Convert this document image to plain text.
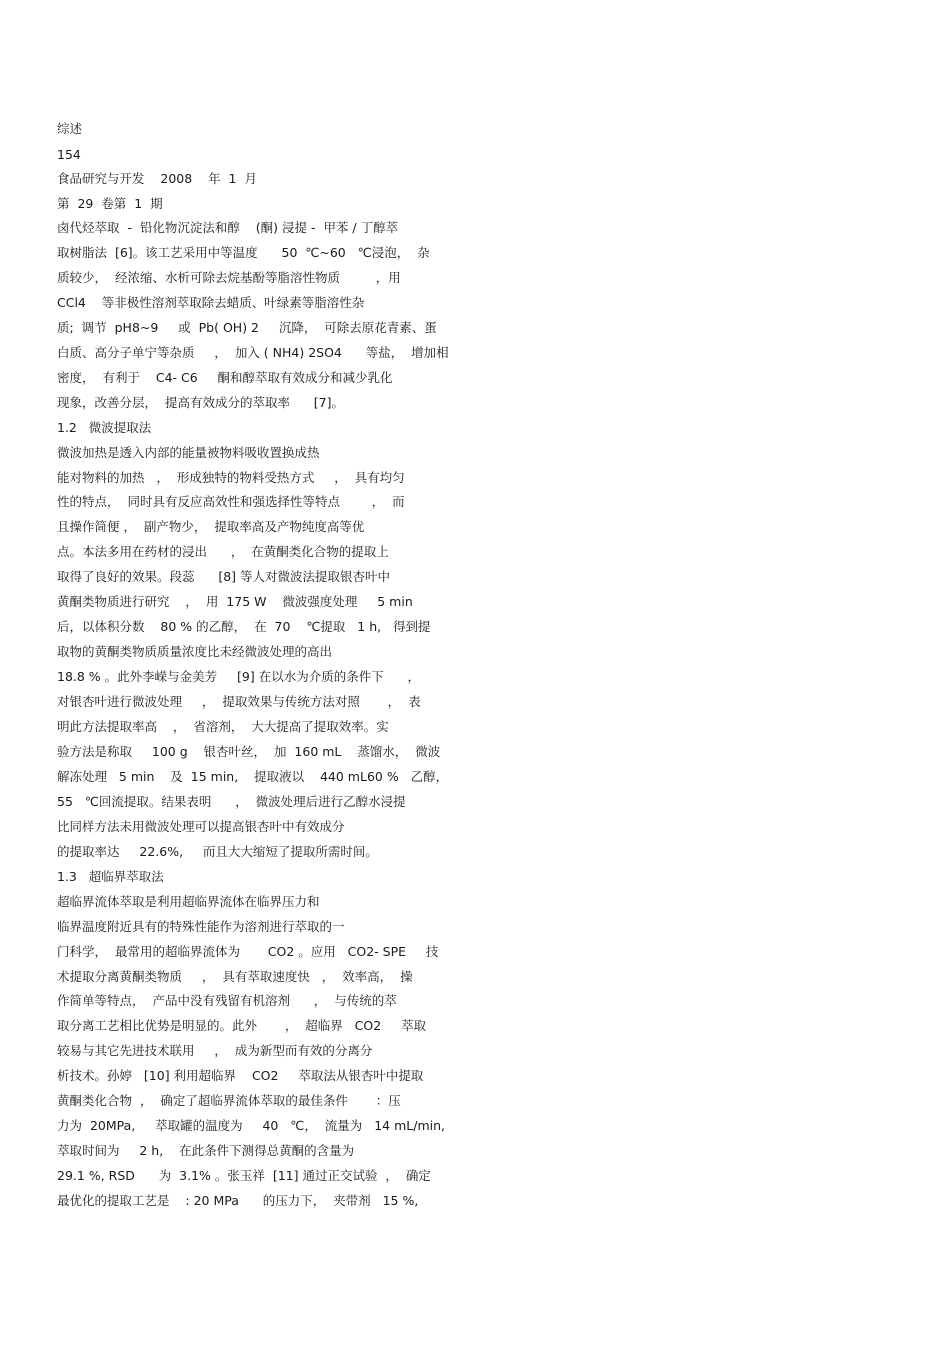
综述
154
食品研究与开发    2008    年  1  月
第  29  卷第  1  期
卤代烃萃取  -  铅化物沉淀法和醇    (酮) 浸提 -  甲苯 / 丁醇萃
取树脂法  [6]。该工艺采用中等温度      50  ℃~60   ℃浸泡，  杂
质较少，  经浓缩、水析可除去烷基酚等脂溶性物质         ，用
CCl4    等非极性溶剂萃取除去蜡质、叶绿素等脂溶性杂
质;  调节  pH8~9     或  Pb( OH) 2     沉降，  可除去原花青素、蛋
白质、高分子单宁等杂质     ，  加入 ( NH4) 2SO4      等盐，  增加相
密度，  有利于    C4- C6     酮和醇萃取有效成分和减少乳化
现象，改善分层，  提高有效成分的萃取率      [7]。
1.2   微波提取法
微波加热是透入内部的能量被物料吸收置换成热
能对物料的加热   ，  形成独特的物料受热方式     ，  具有均匀
性的特点，  同时具有反应高效性和强选择性等特点        ，  而
且操作简便 ，  副产物少，  提取率高及产物纯度高等优
点。本法多用在药材的浸出      ，  在黄酮类化合物的提取上
取得了良好的效果。段蕊      [8] 等人对微波法提取银杏叶中
黄酮类物质进行研究    ，  用  175 W    微波强度处理     5 min
后，以体积分数    80 % 的乙醇，  在  70    ℃提取   1 h,   得到提
取物的黄酮类物质质量浓度比未经微波处理的高出
18.8 % 。此外李嵘与金美芳     [9] 在以水为介质的条件下      ，
对银杏叶进行微波处理     ，  提取效果与传统方法对照       ，  表
明此方法提取率高    ，  省溶剂，  大大提高了提取效率。实
验方法是称取     100 g    银杏叶丝，  加  160 mL    蒸馏水，  微波
解冻处理   5 min    及  15 min,    提取液以    440 mL60 %   乙醇，
55   ℃回流提取。结果表明      ，  微波处理后进行乙醇水浸提
比同样方法未用微波处理可以提高银杏叶中有效成分
的提取率达     22.6%,     而且大大缩短了提取所需时间。
1.3   超临界萃取法
超临界流体萃取是利用超临界流体在临界压力和
临界温度附近具有的特殊性能作为溶剂进行萃取的一
门科学，  最常用的超临界流体为       CO2 。应用   CO2- SPE     技
术提取分离黄酮类物质     ，  具有萃取速度快   ，  效率高，  操
作简单等特点，  产品中没有残留有机溶剂      ，  与传统的萃
取分离工艺相比优势是明显的。此外       ，  超临界   CO2     萃取
较易与其它先进技术联用     ，  成为新型而有效的分离分
析技术。孙婷   [10] 利用超临界    CO2     萃取法从银杏叶中提取
黄酮类化合物  ，  确定了超临界流体萃取的最佳条件       ：压
力为  20MPa,     萃取罐的温度为     40   ℃，  流量为   14 mL/min,
萃取时间为     2 h,    在此条件下测得总黄酮的含量为
29.1 %, RSD      为  3.1% 。张玉祥  [11] 通过正交试验  ，  确定
最优化的提取工艺是    : 20 MPa      的压力下，  夹带剂   15 %,
